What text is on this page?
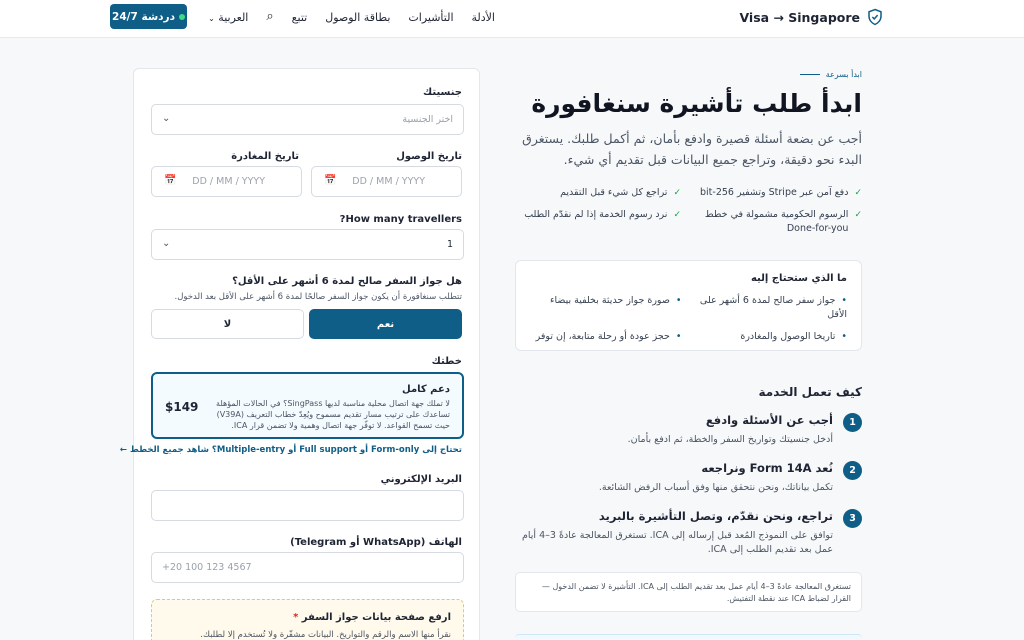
Visa → Singapore
الأدلة
التأشيرات
بطاقة الوصول
تتبع
⌕
العربية ⌄
دردشة 24/7
ابدأ بسرعة
ابدأ طلب تأشيرة سنغافورة
أجب عن بضعة أسئلة قصيرة وادفع بأمان، ثم أكمل طلبك. يستغرق البدء نحو دقيقة، وتراجع جميع البيانات قبل تقديم أي شيء.
✓
دفع آمن عبر Stripe وتشفير 256-bit
✓
تراجع كل شيء قبل التقديم
✓
الرسوم الحكومية مشمولة في خطط Done-for-you
✓
نرد رسوم الخدمة إذا لم نقدّم الطلب
ما الذي ستحتاج إليه
• جواز سفر صالح لمدة 6 أشهر على الأقل
• صورة جواز حديثة بخلفية بيضاء
• تاريخا الوصول والمغادرة
• حجز عودة أو رحلة متابعة، إن توفر
كيف تعمل الخدمة
1
أجب عن الأسئلة وادفع
أدخل جنسيتك وتواريخ السفر والخطة، ثم ادفع بأمان.
2
نُعد Form 14A ونراجعه
تكمل بياناتك، ونحن نتحقق منها وفق أسباب الرفض الشائعة.
3
تراجع، ونحن نقدّم، وتصل التأشيرة بالبريد
توافق على النموذج المُعد قبل إرساله إلى ICA. تستغرق المعالجة عادةً 3–4 أيام عمل بعد تقديم الطلب إلى ICA.
تستغرق المعالجة عادةً 3–4 أيام عمل بعد تقديم الطلب إلى ICA. التأشيرة لا تضمن الدخول — القرار لضباط ICA عند نقطة التفتيش.
جنسيتك
اختر الجنسية
⌄
تاريخ الوصول
تاريخ المغادرة
DD / MM / YYYY
📅
DD / MM / YYYY
📅
How many travellers?
1
⌄
هل جواز السفر صالح لمدة 6 أشهر على الأقل؟
تتطلب سنغافورة أن يكون جواز السفر صالحًا لمدة 6 أشهر على الأقل بعد الدخول.
نعم
لا
خطتك
دعم كامل
لا تملك جهة اتصال محلية مناسبة لديها SingPass؟ في الحالات المؤهلة تساعدك على ترتيب مسار تقديم مسموح ويُعِدّ خطاب التعريف (V39A) حيث تسمح القواعد. لا توفّر جهة اتصال وهمية ولا تضمن قرار ICA.
$149
تحتاج إلى Form-only أو Full support أو Multiple-entry؟ شاهد جميع الخطط ←
البريد الإلكتروني
الهاتف (WhatsApp أو Telegram)
+20 100 123 4567
ارفع صفحة بيانات جواز السفر *
نقرأ منها الاسم والرقم والتواريخ. البيانات مشفّرة ولا تُستخدم إلا لطلبك.
